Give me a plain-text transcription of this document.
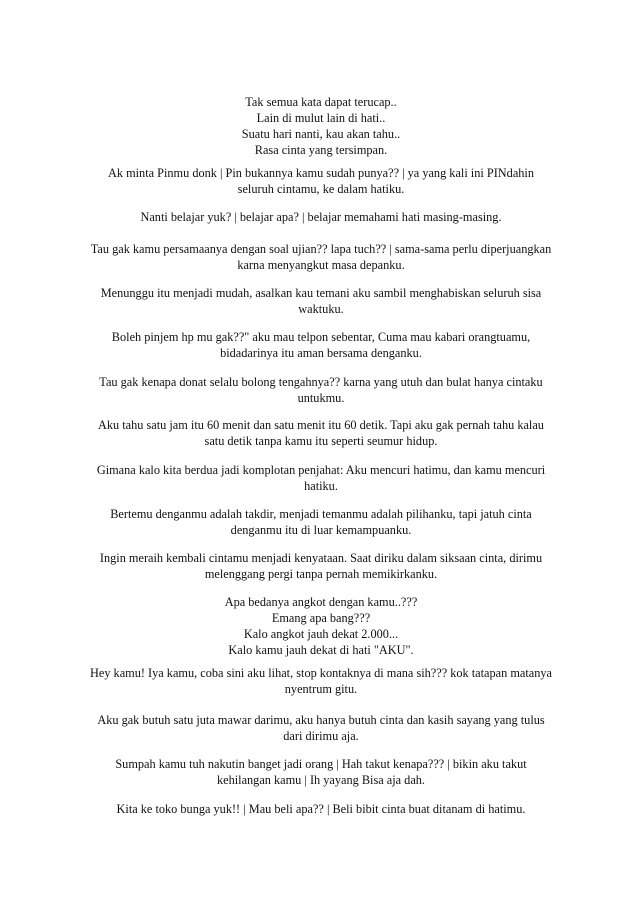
Tak semua kata dapat terucap..
Lain di mulut lain di hati..
Suatu hari nanti, kau akan tahu..
Rasa cinta yang tersimpan.
Ak minta Pinmu donk | Pin bukannya kamu sudah punya?? | ya yang kali ini PINdahin
seluruh cintamu, ke dalam hatiku.
Nanti belajar yuk? | belajar apa? | belajar memahami hati masing-masing.
Tau gak kamu persamaanya dengan soal ujian?? lapa tuch?? | sama-sama perlu diperjuangkan
karna menyangkut masa depanku.
Menunggu itu menjadi mudah, asalkan kau temani aku sambil menghabiskan seluruh sisa
waktuku.
Boleh pinjem hp mu gak??" aku mau telpon sebentar, Cuma mau kabari orangtuamu,
bidadarinya itu aman bersama denganku.
Tau gak kenapa donat selalu bolong tengahnya?? karna yang utuh dan bulat hanya cintaku
untukmu.
Aku tahu satu jam itu 60 menit dan satu menit itu 60 detik. Tapi aku gak pernah tahu kalau
satu detik tanpa kamu itu seperti seumur hidup.
Gimana kalo kita berdua jadi komplotan penjahat: Aku mencuri hatimu, dan kamu mencuri
hatiku.
Bertemu denganmu adalah takdir, menjadi temanmu adalah pilihanku, tapi jatuh cinta
denganmu itu di luar kemampuanku.
Ingin meraih kembali cintamu menjadi kenyataan. Saat diriku dalam siksaan cinta, dirimu
melenggang pergi tanpa pernah memikirkanku.
Apa bedanya angkot dengan kamu..???
Emang apa bang???
Kalo angkot jauh dekat 2.000...
Kalo kamu jauh dekat di hati "AKU".
Hey kamu! Iya kamu, coba sini aku lihat, stop kontaknya di mana sih??? kok tatapan matanya
nyentrum gitu.
Aku gak butuh satu juta mawar darimu, aku hanya butuh cinta dan kasih sayang yang tulus
dari dirimu aja.
Sumpah kamu tuh nakutin banget jadi orang | Hah takut kenapa??? | bikin aku takut
kehilangan kamu | Ih yayang Bisa aja dah.
Kita ke toko bunga yuk!! | Mau beli apa?? | Beli bibit cinta buat ditanam di hatimu.
